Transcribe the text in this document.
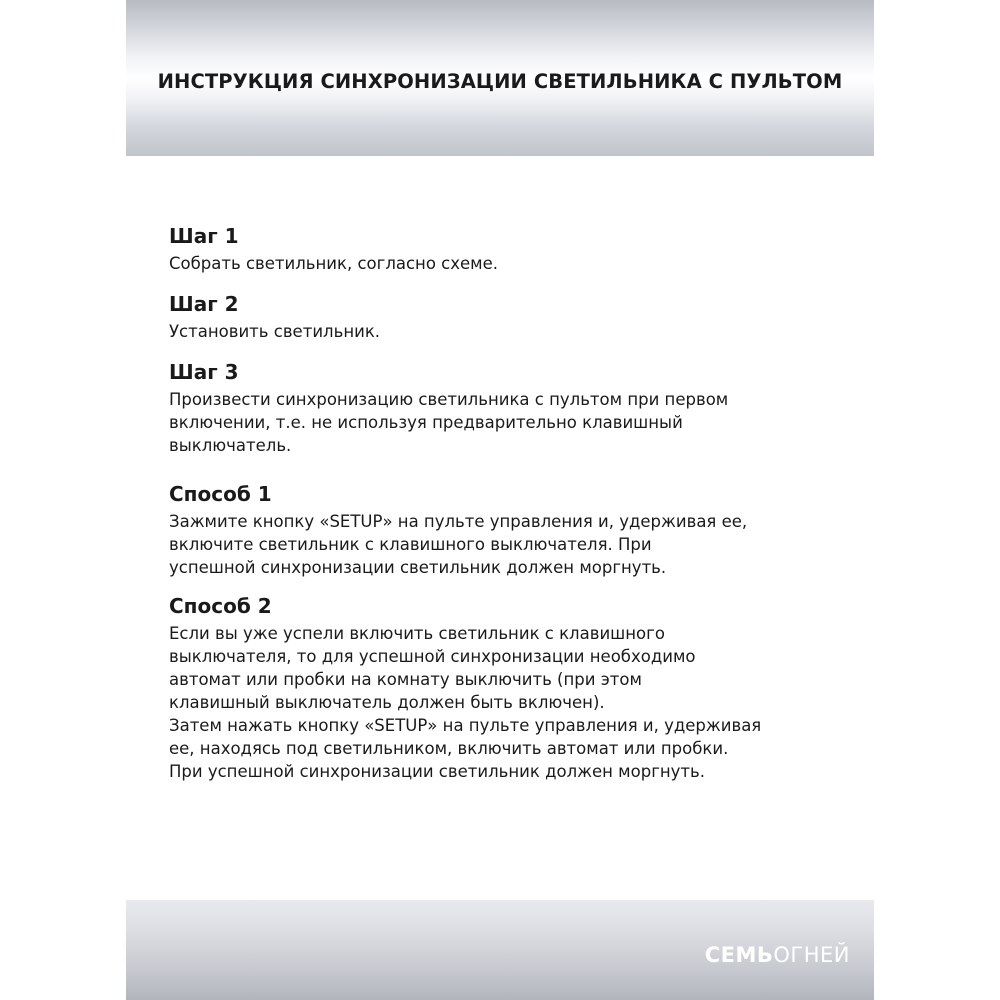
ИНСТРУКЦИЯ СИНХРОНИЗАЦИИ СВЕТИЛЬНИКА С ПУЛЬТОМ

Шаг 1

Собрать светильник, согласно схеме.

Шаг 2

Установить светильник.

Шаг 3

Произвести синхронизацию светильника с пультом при первом

включении, т.е. не используя предварительно клавишный

выключатель.

Способ 1

Зажмите кнопку «SETUP» на пульте управления и, удерживая ее,

включите светильник с клавишного выключателя. При

успешной синхронизации светильник должен моргнуть.

Способ 2

Если вы уже успели включить светильник с клавишного

выключателя, то для успешной синхронизации необходимо

автомат или пробки на комнату выключить (при этом

клавишный выключатель должен быть включен).

Затем нажать кнопку «SETUP» на пульте управления и, удерживая

ее, находясь под светильником, включить автомат или пробки.

При успешной синхронизации светильник должен моргнуть.

СЕМЬОГНЕЙ
